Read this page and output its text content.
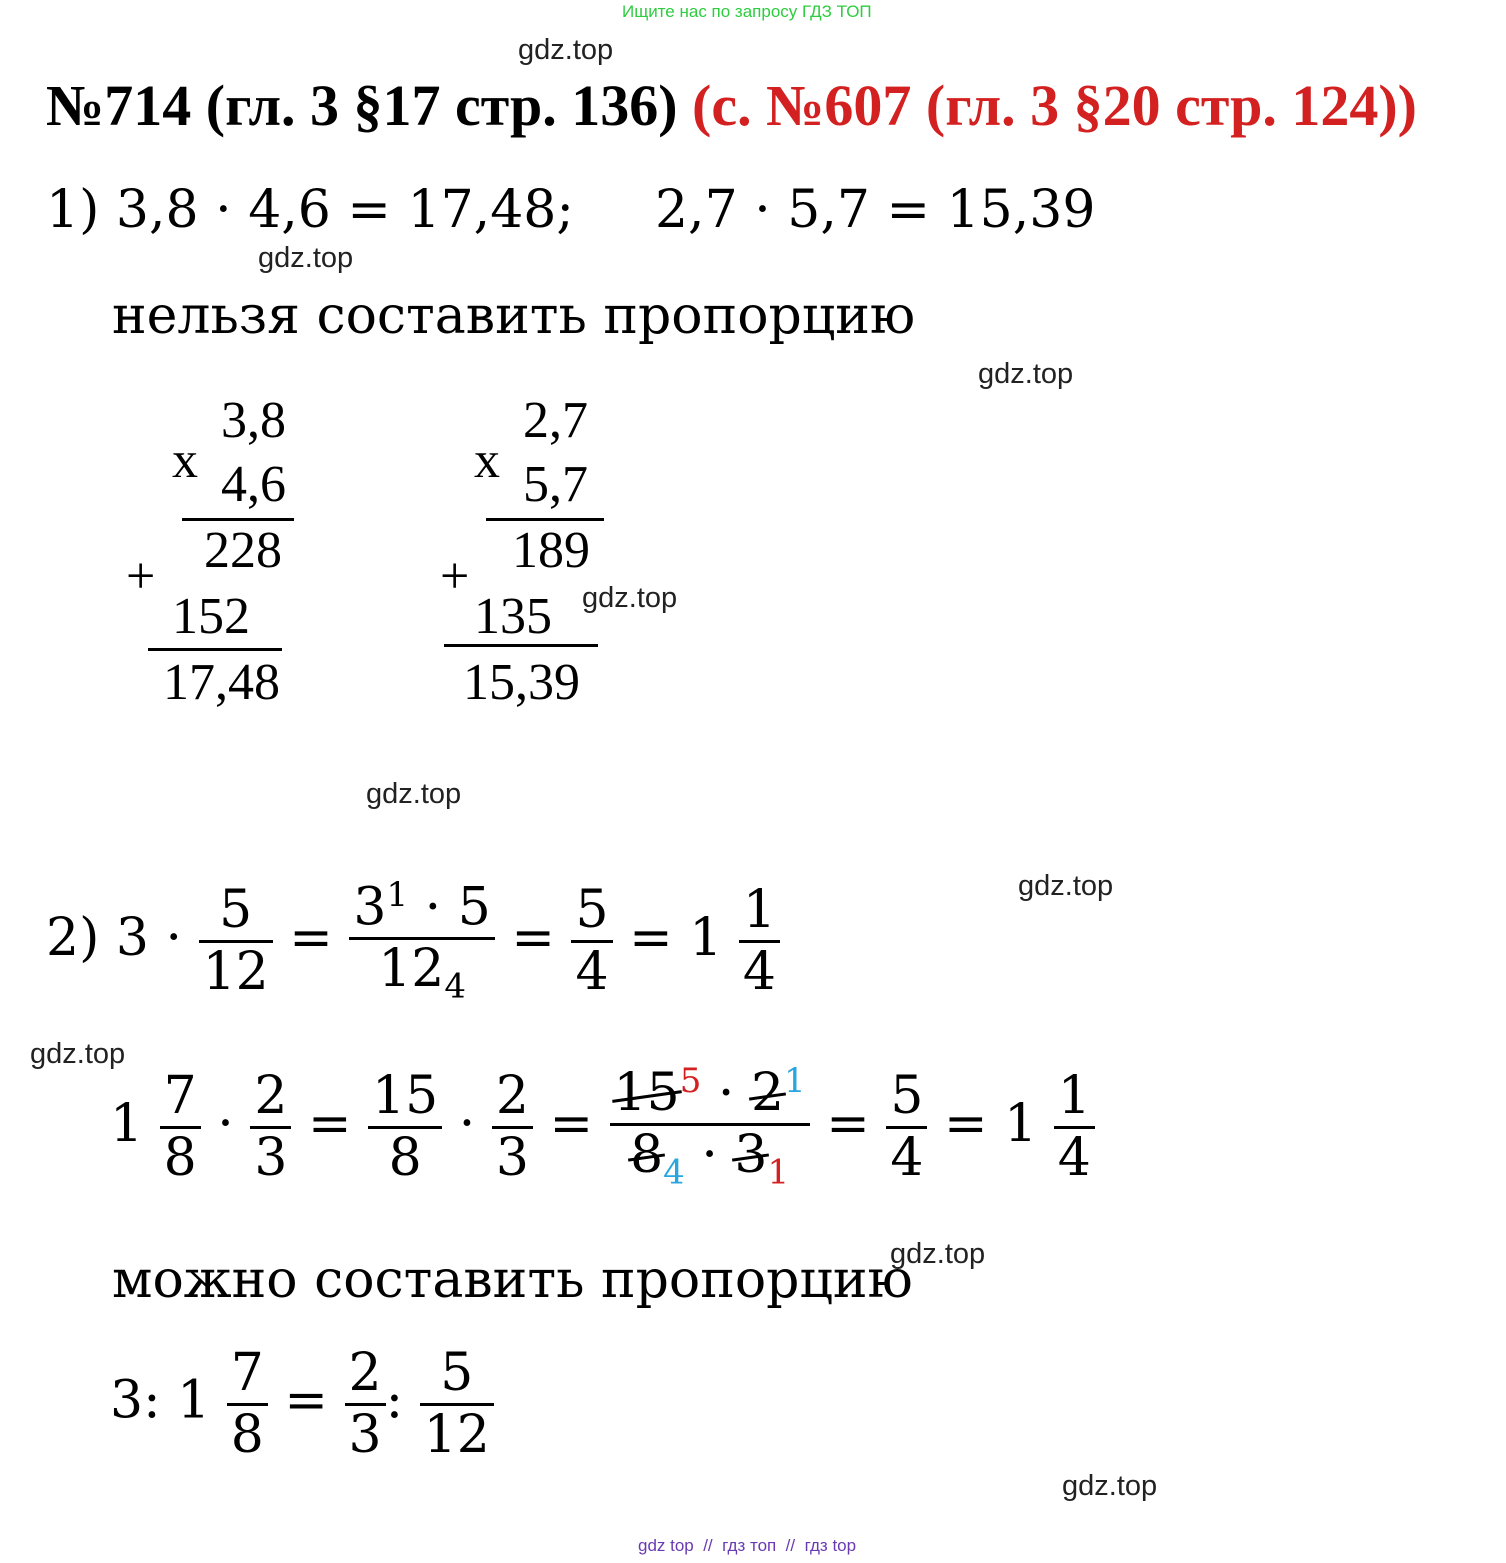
Ищите нас по запросу ГДЗ ТОП
gdz.top
gdz.top
gdz.top
gdz.top
gdz.top
gdz.top
gdz.top
gdz.top
gdz.top
№714 (гл. 3 §17 стр. 136) (с. №607 (гл. 3 §20 стр. 124))
1) 3,8 · 4,6 = 17,48; 2,7 · 5,7 = 15,39
нельзя составить пропорцию
x
3,8
4,6
+ 228
152
17,48
x
2,7
5,7
+ 189
135
15,39
2) $3 \cdot \frac{5}{12} = \frac{3^1 \cdot 5}{12_4} = \frac{5}{4} = 1 \frac{1}{4}$
$1 \frac{7}{8} \cdot \frac{2}{3} = \frac{15}{8} \cdot \frac{2}{3} = \frac{15^5 \cdot 2^1}{8_4 \cdot 3_1} = \frac{5}{4} = 1 \frac{1}{4}$
можно составить пропорцию
3: $1 \frac{7}{8} = \frac{2}{3}$ : $\frac{5}{12}$
gdz top  //  гдз топ  //  гдз top
